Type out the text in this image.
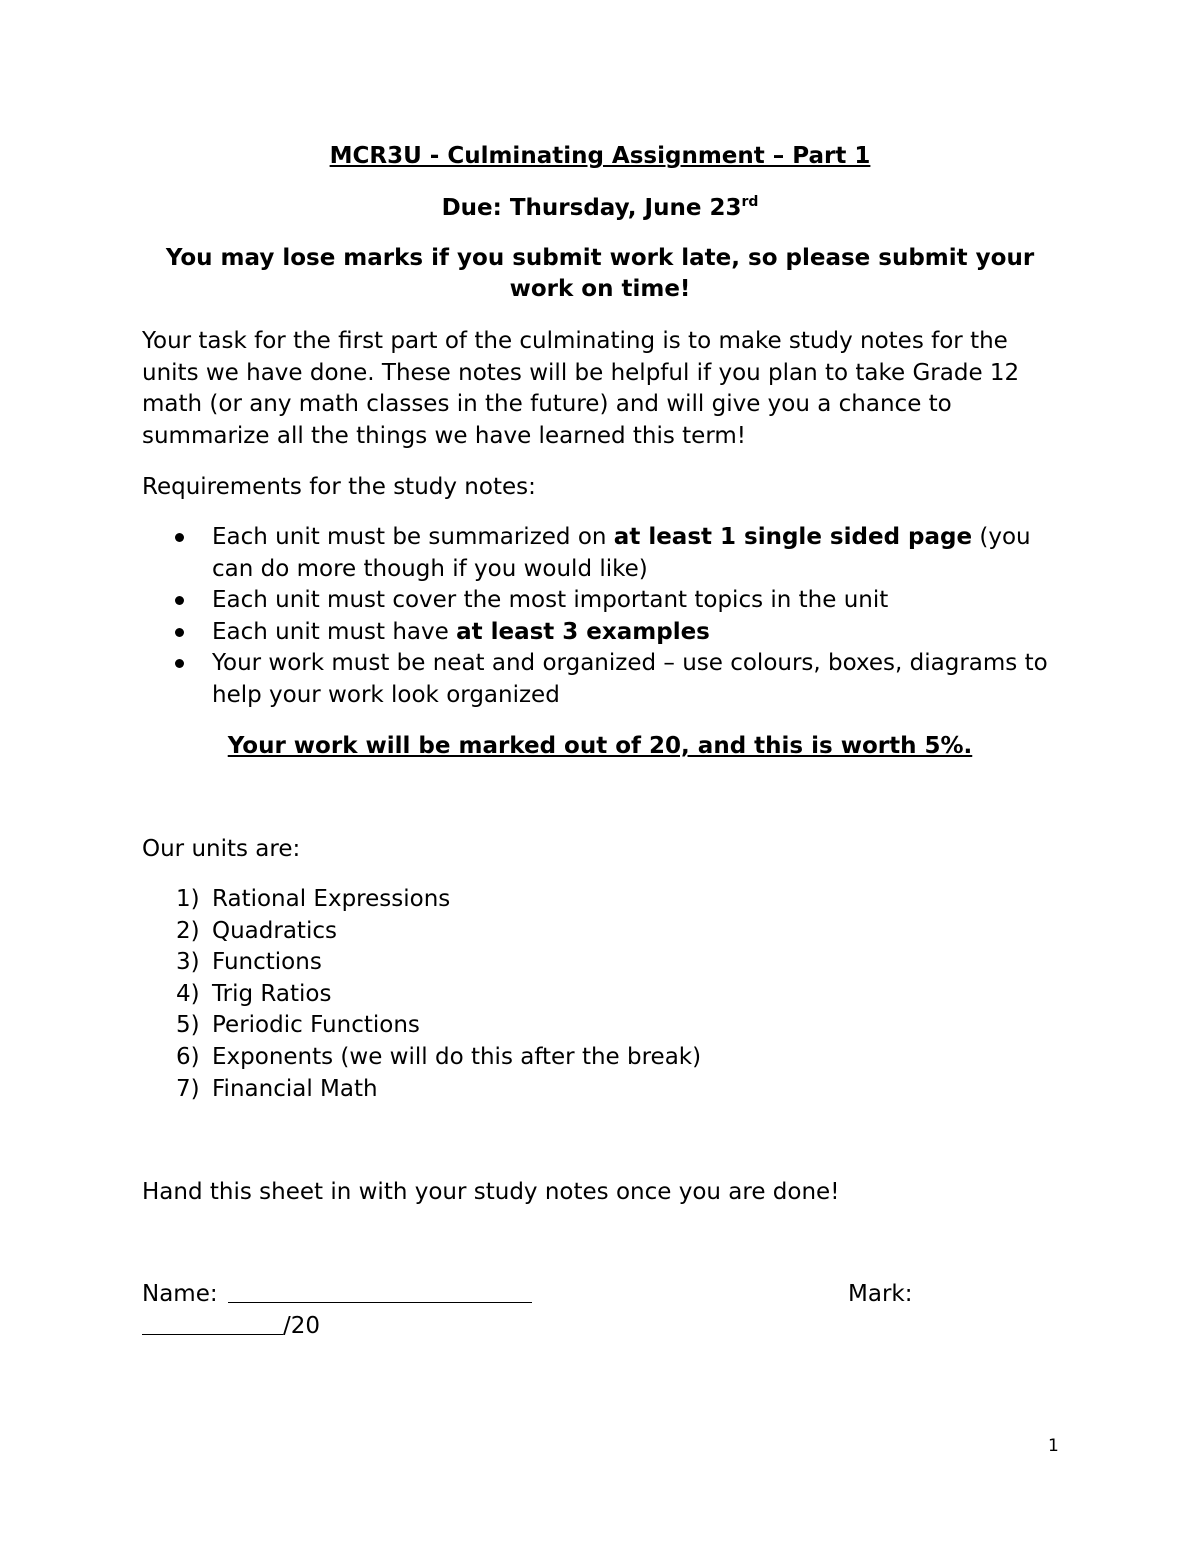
MCR3U - Culminating Assignment – Part 1
Due: Thursday, June 23rd
You may lose marks if you submit work late, so please submit your work on time!
Your task for the first part of the culminating is to make study notes for the units we have done. These notes will be helpful if you plan to take Grade 12 math (or any math classes in the future) and will give you a chance to summarize all the things we have learned this term!
Requirements for the study notes:
Each unit must be summarized on at least 1 single sided page (you can do more though if you would like)
Each unit must cover the most important topics in the unit
Each unit must have at least 3 examples
Your work must be neat and organized – use colours, boxes, diagrams to help your work look organized
Your work will be marked out of 20, and this is worth 5%.
Our units are:
1) Rational Expressions
2) Quadratics
3) Functions
4) Trig Ratios
5) Periodic Functions
6) Exponents (we will do this after the break)
7) Financial Math
Hand this sheet in with your study notes once you are done!
Name:	Mark:
/20
1
